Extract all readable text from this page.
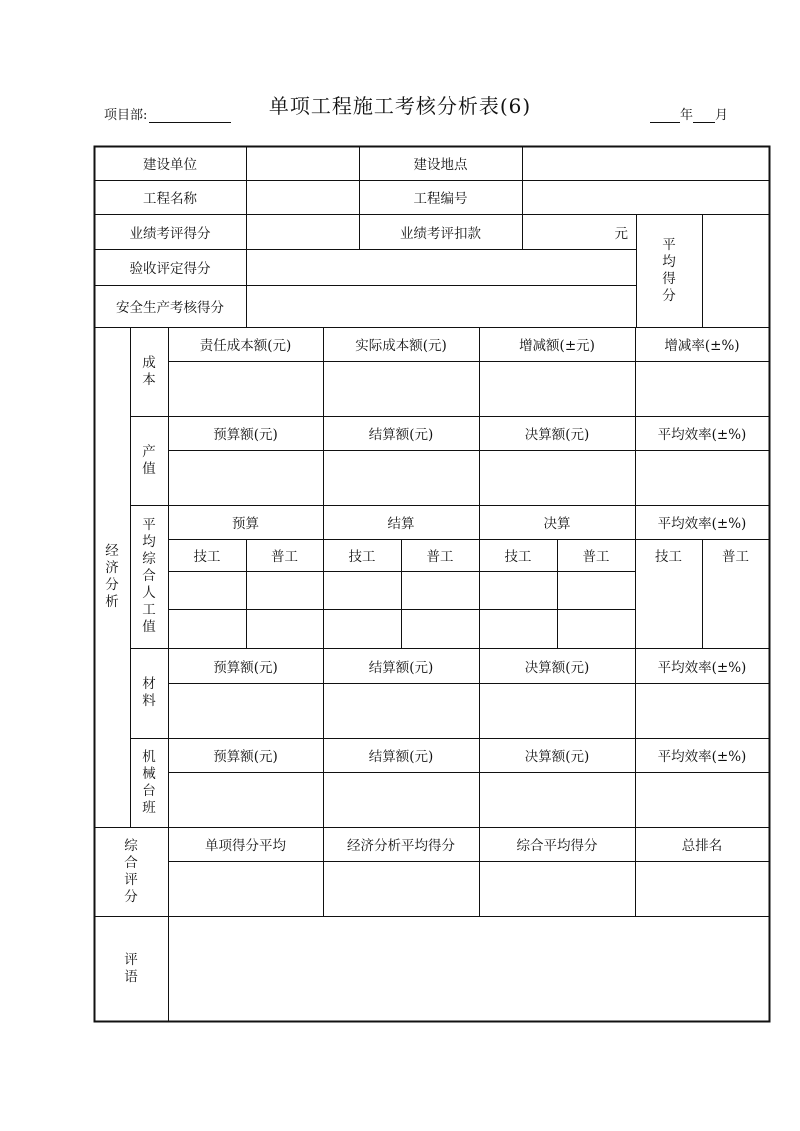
单项工程施工考核分析表(6)
项目部:	年 月
建设单位	建设地点
工程名称	工程编号
业绩考评得分	业绩考评扣款	元
平均得分
验收评定得分
安全生产考核得分
经济分析
成本
责任成本额(元)	实际成本额(元)	增减额(±元)	增减率(±%)
产值
预算额(元)	结算额(元)	决算额(元)	平均效率(±%)
平均综合人工值
预算	结算	决算	平均效率(±%)
技工	普工	技工	普工	技工	普工	技工	普工
材料
预算额(元)	结算额(元)	决算额(元)	平均效率(±%)
机械台班
预算额(元)	结算额(元)	决算额(元)	平均效率(±%)
综合评分
单项得分平均	经济分析平均得分	综合平均得分	总排名
评语
